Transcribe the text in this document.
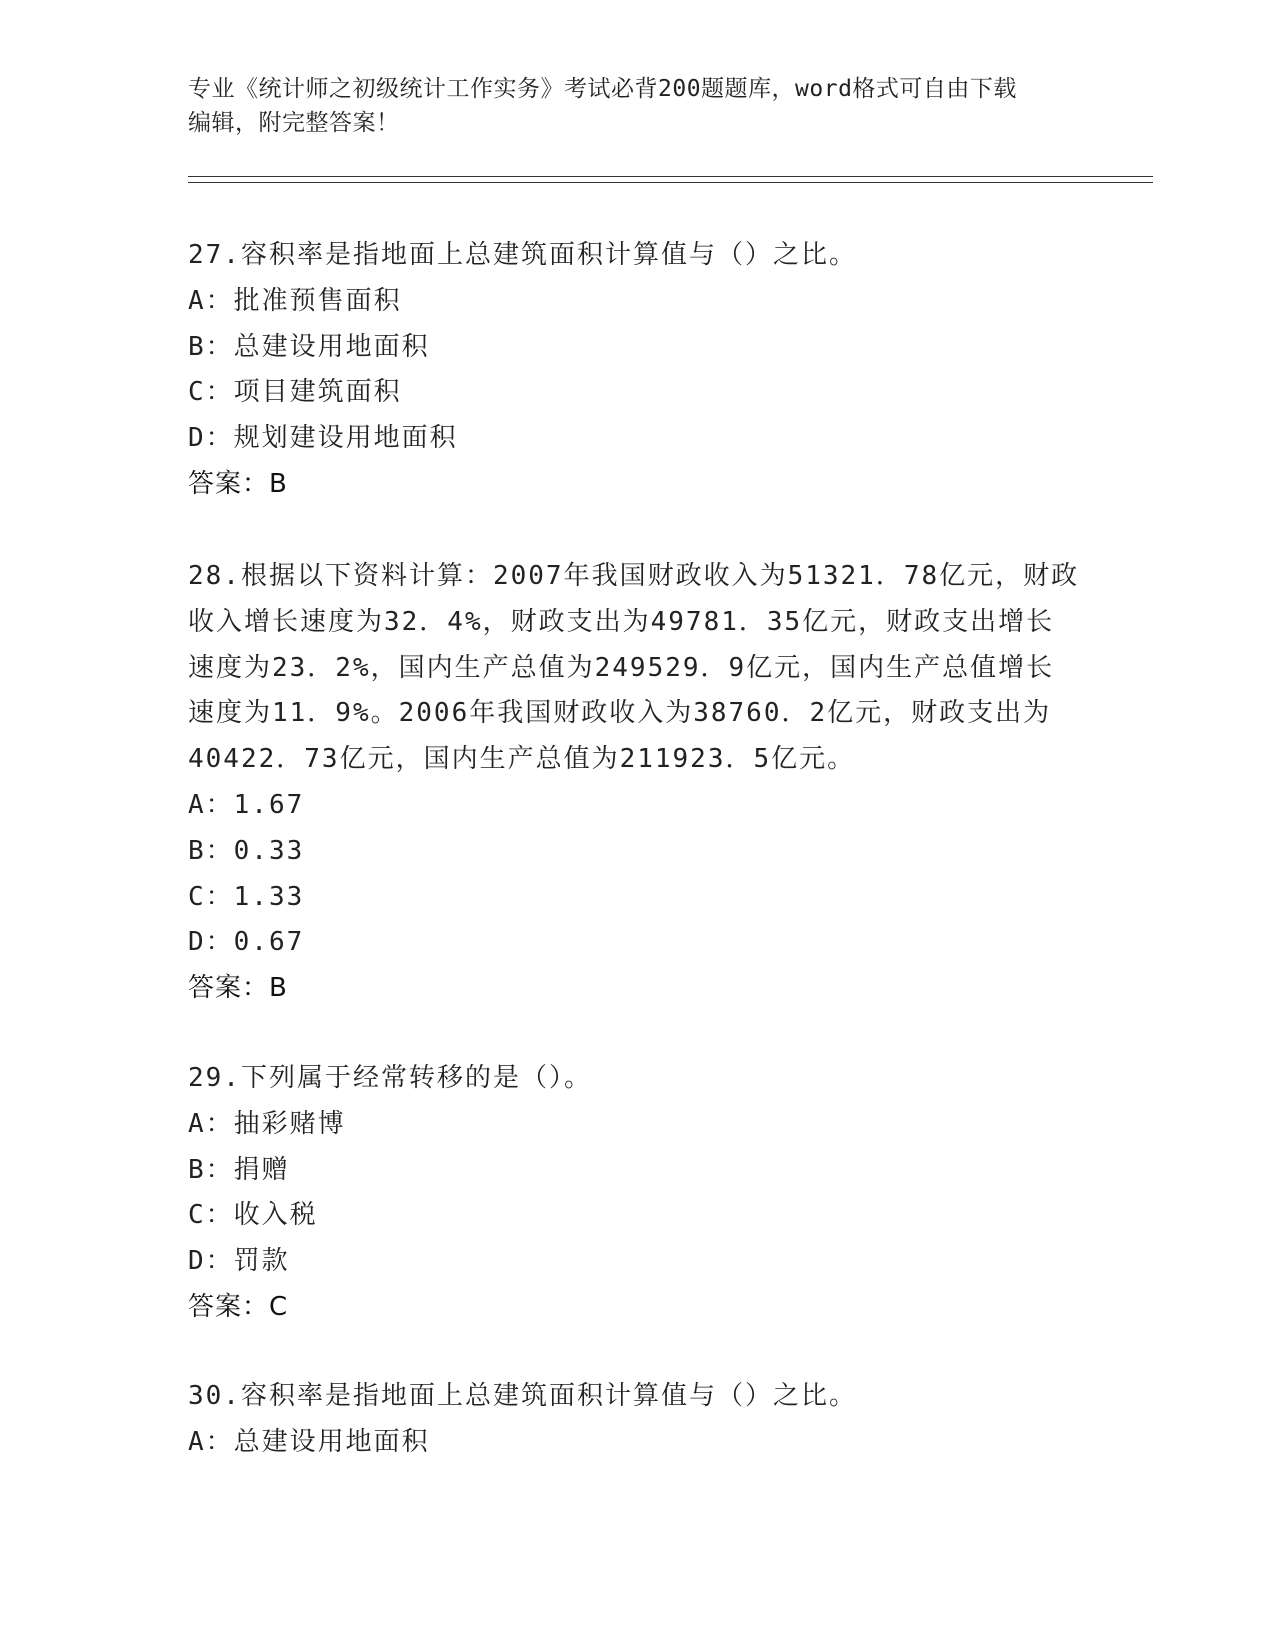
专业《统计师之初级统计工作实务》考试必背200题题库，word格式可自由下载
编辑，附完整答案！
27.容积率是指地面上总建筑面积计算值与（）之比。
A：批准预售面积
B：总建设用地面积
C：项目建筑面积
D：规划建设用地面积
答案：B
28.根据以下资料计算：2007年我国财政收入为51321．78亿元，财政
收入增长速度为32．4%，财政支出为49781．35亿元，财政支出增长
速度为23．2%，国内生产总值为249529．9亿元，国内生产总值增长
速度为11．9%。2006年我国财政收入为38760．2亿元，财政支出为
40422．73亿元，国内生产总值为211923．5亿元。
A：1.67
B：0.33
C：1.33
D：0.67
答案：B
29.下列属于经常转移的是（）。
A：抽彩赌博
B：捐赠
C：收入税
D：罚款
答案：C
30.容积率是指地面上总建筑面积计算值与（）之比。
A：总建设用地面积
